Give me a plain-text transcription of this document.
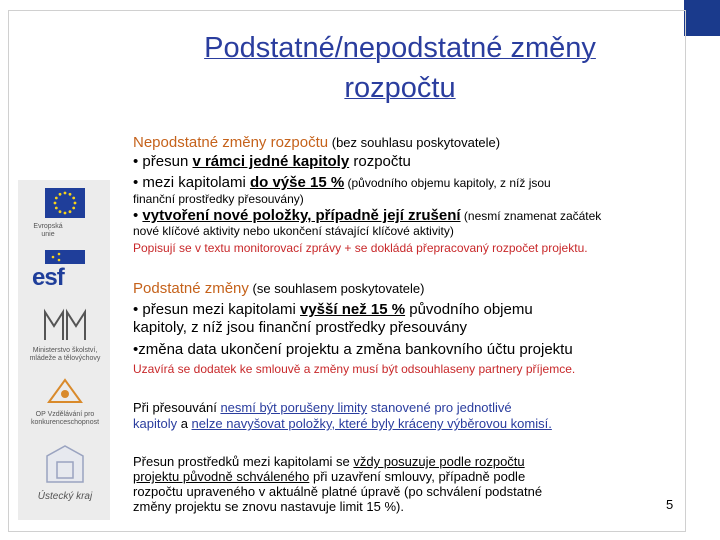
Evropská unie
esf
Ministerstvo školství, mládeže a tělovýchovy
OP Vzdělávání pro konkurenceschopnost
Ústecký kraj
Podstatné/nepodstatné změny
rozpočtu
Nepodstatné změny rozpočtu (bez souhlasu poskytovatele)
• přesun v rámci jedné kapitoly rozpočtu
• mezi kapitolami do výše 15 % (původního objemu kapitoly, z níž jsou
finanční prostředky přesouvány)
• vytvoření nové položky, případně její zrušení (nesmí znamenat začátek
nové klíčové aktivity nebo ukončení stávající klíčové aktivity)
Popisují se v textu monitorovací zprávy + se dokládá přepracovaný rozpočet projektu.
Podstatné změny (se souhlasem poskytovatele)
• přesun mezi kapitolami vyšší než 15 % původního objemu
kapitoly, z níž jsou finanční prostředky přesouvány
•změna data ukončení projektu a změna bankovního účtu projektu
Uzavírá se dodatek ke smlouvě a změny musí být odsouhlaseny partnery příjemce.
Při přesouvání nesmí být porušeny limity stanovené pro jednotlivé
kapitoly a nelze navyšovat položky, které byly kráceny výběrovou komisí.
Přesun prostředků mezi kapitolami se vždy posuzuje podle rozpočtu
projektu původně schváleného při uzavření smlouvy, případně podle
rozpočtu upraveného v aktuálně platné úpravě (po schválení podstatné
změny projektu se znovu nastavuje limit 15 %).	5
